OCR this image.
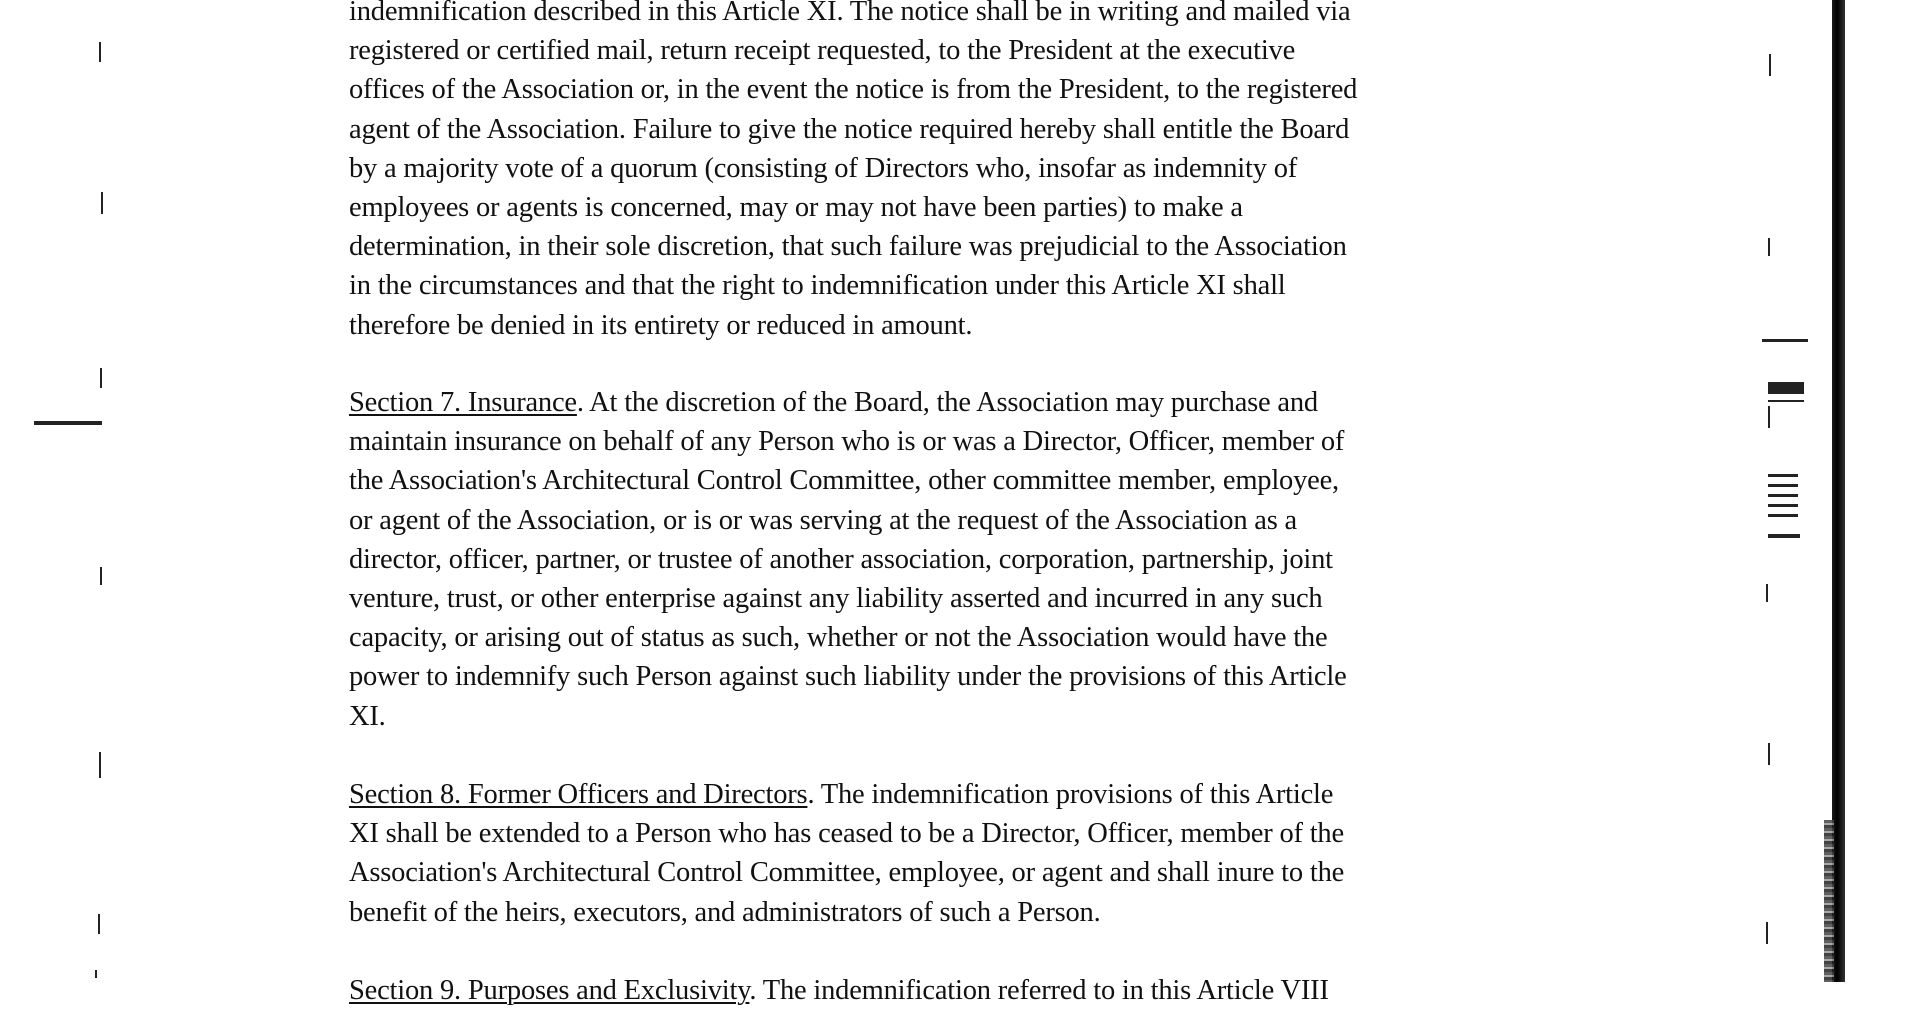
indemnification described in this Article XI. The notice shall be in writing and mailed via
registered or certified mail, return receipt requested, to the President at the executive
offices of the Association or, in the event the notice is from the President, to the registered
agent of the Association. Failure to give the notice required hereby shall entitle the Board
by a majority vote of a quorum (consisting of Directors who, insofar as indemnity of
employees or agents is concerned, may or may not have been parties) to make a
determination, in their sole discretion, that such failure was prejudicial to the Association
in the circumstances and that the right to indemnification under this Article XI shall
therefore be denied in its entirety or reduced in amount.
Section 7. Insurance. At the discretion of the Board, the Association may purchase and
maintain insurance on behalf of any Person who is or was a Director, Officer, member of
the Association's Architectural Control Committee, other committee member, employee,
or agent of the Association, or is or was serving at the request of the Association as a
director, officer, partner, or trustee of another association, corporation, partnership, joint
venture, trust, or other enterprise against any liability asserted and incurred in any such
capacity, or arising out of status as such, whether or not the Association would have the
power to indemnify such Person against such liability under the provisions of this Article
XI.
Section 8. Former Officers and Directors. The indemnification provisions of this Article
XI shall be extended to a Person who has ceased to be a Director, Officer, member of the
Association's Architectural Control Committee, employee, or agent and shall inure to the
benefit of the heirs, executors, and administrators of such a Person.
Section 9. Purposes and Exclusivity. The indemnification referred to in this Article VIII
